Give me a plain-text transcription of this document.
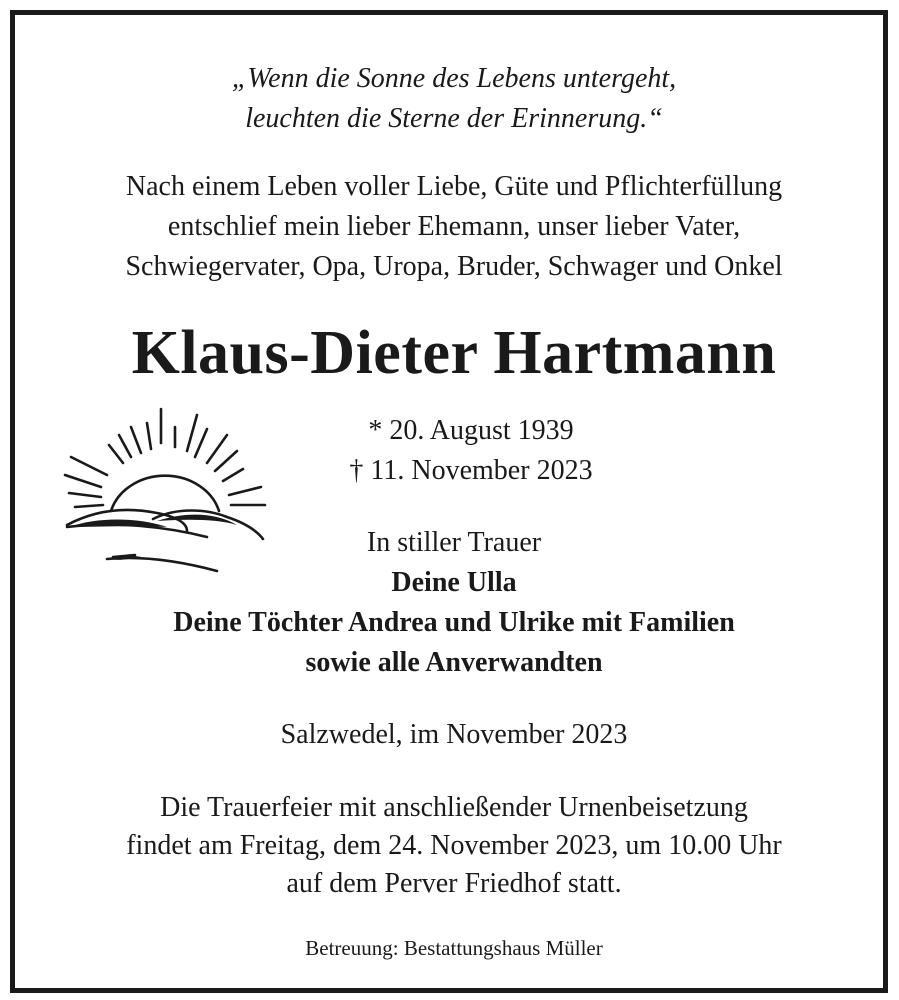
„Wenn die Sonne des Lebens untergeht,
leuchten die Sterne der Erinnerung.“
Nach einem Leben voller Liebe, Güte und Pflichterfüllung
entschlief mein lieber Ehemann, unser lieber Vater,
Schwiegervater, Opa, Uropa, Bruder, Schwager und Onkel
Klaus-Dieter Hartmann
* 20. August 1939
† 11. November 2023
In stiller Trauer
Deine Ulla
Deine Töchter Andrea und Ulrike mit Familien
sowie alle Anverwandten
Salzwedel, im November 2023
Die Trauerfeier mit anschließender Urnenbeisetzung
findet am Freitag, dem 24. November 2023, um 10.00 Uhr
auf dem Perver Friedhof statt.
Betreuung: Bestattungshaus Müller
